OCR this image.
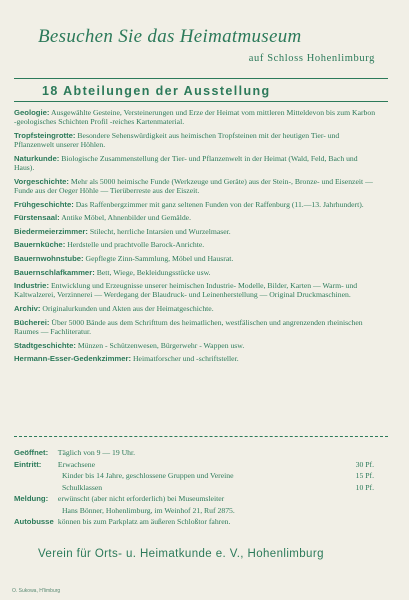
Besuchen Sie das Heimatmuseum
auf Schloss Hohenlimburg
18 Abteilungen der Ausstellung
Geologie: Ausgewählte Gesteine, Versteinerungen und Erze der Heimat vom mittleren Mitteldevon bis zum Karbon -geologisches Schichten Profil -reiches Kartenmaterial.
Tropfsteingrotte: Besondere Sehenswürdigkeit aus heimischen Tropfsteinen mit der heutigen Tier- und Pflanzenwelt unserer Höhlen.
Naturkunde: Biologische Zusammenstellung der Tier- und Pflanzenwelt in der Heimat (Wald, Feld, Bach und Haus).
Vorgeschichte: Mehr als 5000 heimische Funde (Werkzeuge und Geräte) aus der Stein-, Bronze- und Eisenzeit — Funde aus der Oeger Höhle — Tierüberreste aus der Eiszeit.
Frühgeschichte: Das Raffenbergzimmer mit ganz seltenen Funden von der Raffenburg (11.—13. Jahrhundert).
Fürstensaal: Antike Möbel, Ahnenbilder und Gemälde.
Biedermeierzimmer: Stilecht, herrliche Intarsien und Wurzelmaser.
Bauernküche: Herdstelle und prachtvolle Barock-Anrichte.
Bauernwohnstube: Gepflegte Zinn-Sammlung, Möbel und Hausrat.
Bauernschlafkammer: Bett, Wiege, Bekleidungsstücke usw.
Industrie: Entwicklung und Erzeugnisse unserer heimischen Industrie- Modelle, Bilder, Karten — Warm- und Kaltwalzerei, Verzinnerei — Werdegang der Blaudruck- und Leinenherstellung — Original Druckmaschinen.
Archiv: Originalurkunden und Akten aus der Heimatgeschichte.
Bücherei: Über 5000 Bände aus dem Schrifttum des heimatlichen, westfälischen und angrenzenden rheinischen Raumes — Fachliteratur.
Stadtgeschichte: Münzen - Schützenwesen, Bürgerwehr - Wappen usw.
Hermann-Esser-Gedenkzimmer: Heimatforscher und -schriftsteller.
Geöffnet: Täglich von 9 — 19 Uhr.
Eintritt: Erwachsene	30 Pf.
Kinder bis 14 Jahre, geschlossene Gruppen und Vereine	15 Pf.
Schulklassen	10 Pf.
Meldung: erwünscht (aber nicht erforderlich) bei Museumsleiter
Hans Bönner, Hohenlimburg, im Weinhof 21, Ruf 2875.
Autobusse können bis zum Parkplatz am äußeren Schloßtor fahren.
Verein für Orts- u. Heimatkunde e. V., Hohenlimburg
O. Sukowa, H'limburg
